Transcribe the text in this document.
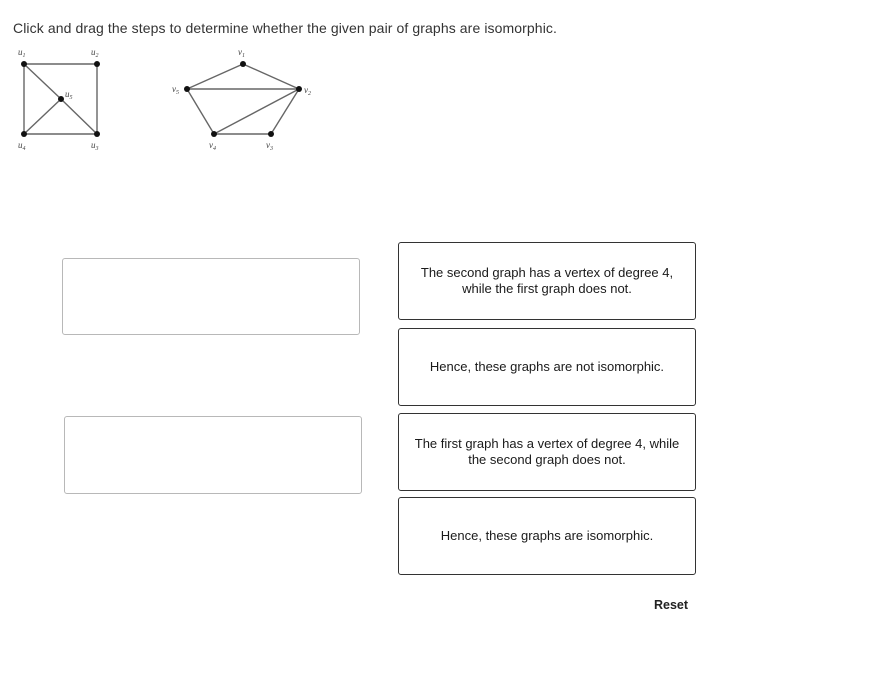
Click and drag the steps to determine whether the given pair of graphs are isomorphic.
$u_1$	$u_2$
$u_3$
$u_4$
$u_5$
$v_1$
$v_2$
$v_3$
$v_4$
$v_5$
The second graph has a vertex of degree 4, while the first graph does not.
Hence, these graphs are not isomorphic.
The first graph has a vertex of degree 4, while the second graph does not.
Hence, these graphs are isomorphic.
Reset
